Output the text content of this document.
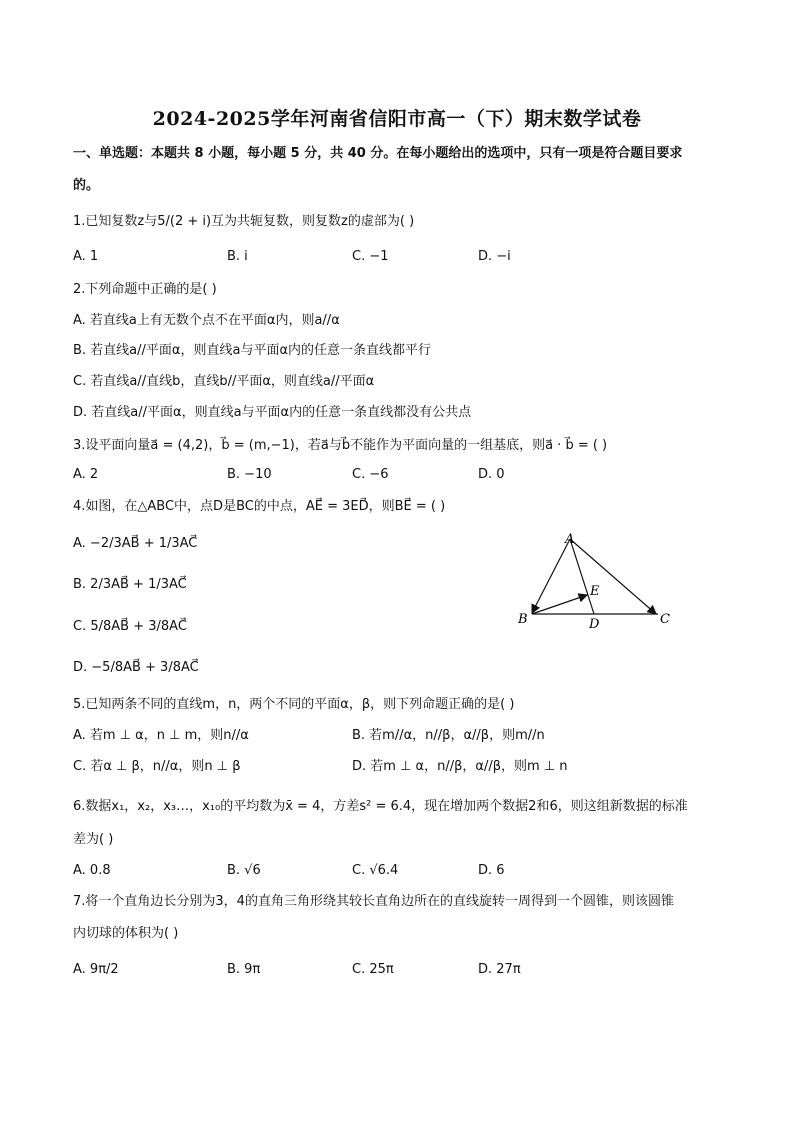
2024-2025学年河南省信阳市高一（下）期末数学试卷
一、单选题：本题共 8 小题，每小题 5 分，共 40 分。在每小题给出的选项中，只有一项是符合题目要求
的。
1.已知复数z与5/(2 + i)互为共轭复数，则复数z的虚部为( )
A. 1	B. i	C. −1	D. −i
2.下列命题中正确的是( )
A. 若直线a上有无数个点不在平面α内，则a//α
B. 若直线a//平面α，则直线a与平面α内的任意一条直线都平行
C. 若直线a//直线b，直线b//平面α，则直线a//平面α
D. 若直线a//平面α，则直线a与平面α内的任意一条直线都没有公共点
3.设平面向量a⃗ = (4,2)，b⃗ = (m,−1)，若a⃗与b⃗不能作为平面向量的一组基底，则a⃗ · b⃗ = ( )
A. 2	B. −10	C. −6	D. 0
4.如图，在△ABC中，点D是BC的中点，AE⃗ = 3ED⃗，则BE⃗ = ( )
A. −2/3AB⃗ + 1/3AC⃗
B. 2/3AB⃗ + 1/3AC⃗
C. 5/8AB⃗ + 3/8AC⃗
D. −5/8AB⃗ + 3/8AC⃗
A
B	C
D
E
5.已知两条不同的直线m，n，两个不同的平面α，β，则下列命题正确的是( )
A. 若m ⊥ α，n ⊥ m，则n//α	B. 若m//α，n//β，α//β，则m//n
C. 若α ⊥ β，n//α，则n ⊥ β	D. 若m ⊥ α，n//β，α//β，则m ⊥ n
6.数据x₁，x₂，x₃…，x₁₀的平均数为x̄ = 4，方差s² = 6.4，现在增加两个数据2和6，则这组新数据的标准
差为( )
A. 0.8	B. √6	C. √6.4	D. 6
7.将一个直角边长分别为3，4的直角三角形绕其较长直角边所在的直线旋转一周得到一个圆锥，则该圆锥
内切球的体积为( )
A. 9π/2	B. 9π	C. 25π	D. 27π
